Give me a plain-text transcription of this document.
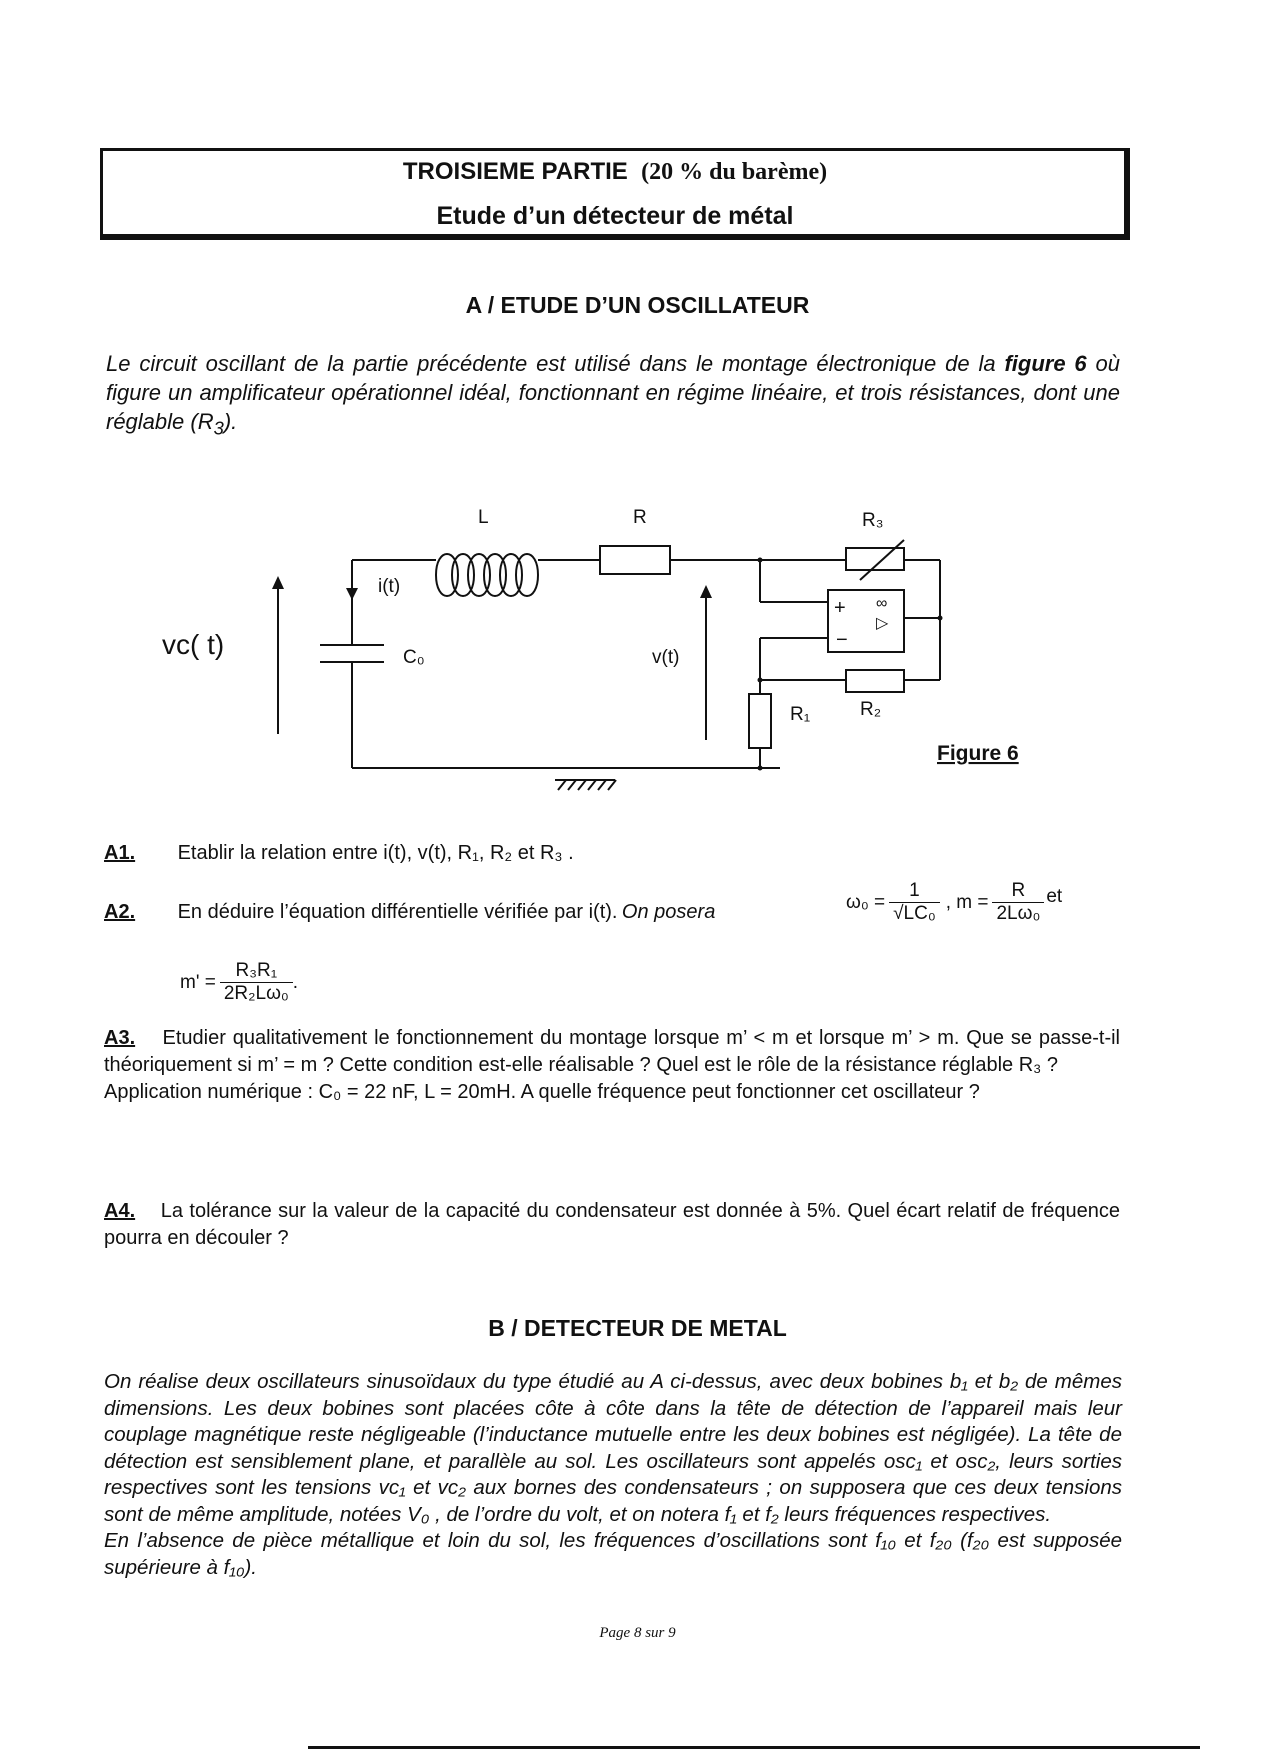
TROISIEME PARTIE (20 % du barème)
Etude d’un détecteur de métal
A / ETUDE D’UN OSCILLATEUR
Le circuit oscillant de la partie précédente est utilisé dans le montage électronique de la figure 6 où figure un amplificateur opérationnel idéal, fonctionnant en régime linéaire, et trois résistances, dont une réglable $(R_3)$.
L	R	R₃
i(t)
vc( t)	C₀	v(t)
R₁	R₂
+
−
∞
▷
Figure 6
A1. Etablir la relation entre i(t), v(t), R₁, R₂ et R₃ .
A2. En déduire l’équation différentielle vérifiée par i(t). On posera	$\omega_0 = \frac{1}{\text{√LC₀}}$ , $m = \frac{R}{\text{2Lω₀}}$ et
$m' = \frac{\text{R₃R₁}}{\text{2R₂Lω₀}}$ .
A3. Etudier qualitativement le fonctionnement du montage lorsque m’ < m et lorsque m’ > m. Que se passe-t-il théoriquement si m’ = m ? Cette condition est-elle réalisable ? Quel est le rôle de la résistance réglable R₃ ?
Application numérique : C₀ = 22 nF, L = 20mH. A quelle fréquence peut fonctionner cet oscillateur ?
A4. La tolérance sur la valeur de la capacité du condensateur est donnée à 5%. Quel écart relatif de fréquence pourra en découler ?
B / DETECTEUR DE METAL
On réalise deux oscillateurs sinusoïdaux du type étudié au A ci-dessus, avec deux bobines b₁ et b₂ de mêmes dimensions. Les deux bobines sont placées côte à côte dans la tête de détection de l’appareil mais leur couplage magnétique reste négligeable (l’inductance mutuelle entre les deux bobines est négligée). La tête de détection est sensiblement plane, et parallèle au sol. Les oscillateurs sont appelés osc₁ et osc₂, leurs sorties respectives sont les tensions vc₁ et vc₂ aux bornes des condensateurs ; on supposera que ces deux tensions sont de même amplitude, notées V₀ , de l’ordre du volt, et on notera f₁ et f₂ leurs fréquences respectives.
En l’absence de pièce métallique et loin du sol, les fréquences d’oscillations sont f₁₀ et f₂₀ (f₂₀ est supposée supérieure à f₁₀).
Page 8 sur 9
